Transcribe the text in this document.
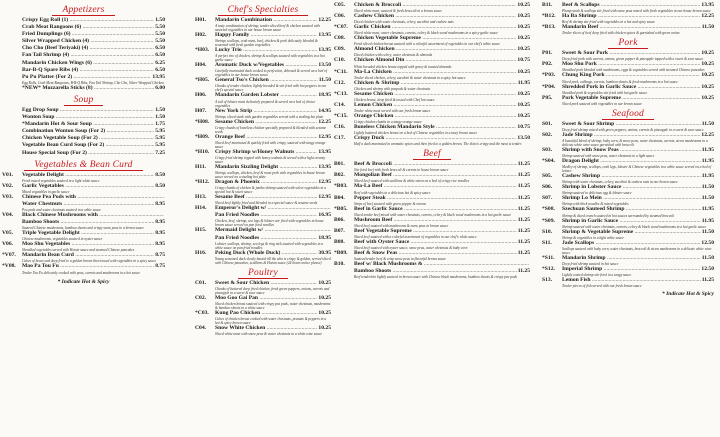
Appetizers
Crispy Egg Roll (1) .....	1.50
Crab Meat Rangoons (6) .....	5.50
Fried Dumplings (6) .....	5.50
Silver Wrapped Chicken (4) .....	5.50
Cho Cho (Beef Teriyaki) (4) .....	6.50
Fan Tail Shrimp (4) .....	6.50
Mandarin Chicken Wings (6) .....	6.25
Bar-B-Q Spare Ribs (4) .....	6.50
Pu Pu Platter (For 2) .....	13.95
Egg Rolls, Crab Meat Rangoons, B-B-Q Ribs, Fan Tail Shrimp, Cho Cho, Silver Wrapped Chicken
*NEW* Mozzarella Sticks (8) .....	6.00
Soup
Egg Drop Soup .....	1.50
Wonton Soup .....	1.50
*Mandarin Hot & Sour Soup .....	1.75
Combination Wonton Soup (For 2) .....	5.95
Chicken Vegetable Soup (For 2) .....	5.95
Vegetable Bean Curd Soup (For 2) .....	5.95
House Special Soup (For 2) .....	7.25
Vegetables & Bean Curd
V01.	Vegetable Delight .....	8.50
Fresh mixed vegetables sauteed in a light white sauce
V02.	Garlic Vegetables .....	8.50
Mixed vegetables in garlic sauce
V03.	Chinese Pea Pods with .....
Water Chestnuts .....	8.95
Pea pods and water chestnuts sauteed in a white sauce
V04.	Black Chinese Mushrooms with .....
Bamboo Shoots .....	8.95
Sauteed Chinese mushrooms, bamboo shoots and crispy snow peas in a brown sauce
V05.	Triple Vegetable Delight .....	8.95
Chinese mushrooms, vegetables sauteed in oyster sauce
V06.	Moo Shu Vegetables .....	8.95
Shredded vegetables served with Hoisin sauce and steamed Chinese pancakes
*V07.	Mandarin Bean Curd .....	8.75
Cubes of bean curd deep fried to a golden brown then tossed with vegetables in a spicy sauce
*V08.	Mao Pa Tou Fu .....	8.75
Tender Tou Fu delicately cooked with peas, carrots and mushrooms in a hot sauce
* Indicate Hot & Spicy
Chef's Specialties
H01.	Mandarin Combination .....	12.25
A tasty combination of shrimp, tender sliced beef & chicken sauteed with assorted vegetables in our house brown sauce
H02.	Happy Family .....	13.95
Shrimp, scallops, crab meat, beef, chicken & pork delicately blended & seasoned with fresh garden vegetables
*H03.	Lucky Trio .....	13.95
A perfect trio of chicken, shrimp & scallops sauteed with vegetables in a hot garlic sauce
H04.	Aromatic Duck w/Vegetables .....	13.50
Carefully marinated duck cooked to perfection, deboned & served on a bed of vegetables in our house brown sauce
*H05.	General Tso's Chicken .....	11.50
Chunks of tender chicken, lightly breaded & stir fried with hot peppers in our chef's special sauce
H06.	Mandarin Garden Lobster .....	18.95
A tail of lobster meat delicately prepared & served on a bed of choice vegetables
H07.	New York Strip .....	14.95
Shrimp, sliced steak with garden vegetables served with a sizzling hot plate
*H08.	Sesame Chicken .....	12.25
Crispy chunks of boneless chicken specially prepared & blended with sesame seeds
*H09.	Orange Beef .....	12.95
Sliced beef marinated & quickly fried with crispy, sauteed with tangy orange sauce
*H10.	Crispy Shrimp w/Honey Walnuts .....	13.95
Crispy fried shrimp topped with honey walnuts & served with a light creamy sauce
H11.	Mandarin Sizzling Delight .....	13.95
Shrimp, scallops, chicken, beef & roast pork with vegetables in house brown sauce served on a sizzling hot plate
*H12.	Dragon & Phoenix .....	12.95
Crispy chunks of chicken & jumbo shrimp sauteed with select vegetables in a special hot & sweet sauce
H13.	Sesame Beef .....	12.95
Sliced beef lightly fried and blended in a special sauce & sesame seeds
H14.	Emperor's Delight w/ .....
Pan Fried Noodles .....	16.95
Chicken, beef, shrimp, sea legs & lobster stir fried with vegetables in house brown sauce served on pan fried noodles
H15.	Mermaid Delight w/ .....
Pan Fried Noodles .....	18.95
Lobster, scallops, shrimp, sea legs & ring nick sauteed with vegetables in a white sauce on pan fried noodles
H16.	Peking Duck (Whole Duck) .....	30.95
Young seasoned duck slowly basted till the skin is crispy & golden, served sliced with Chinese pancakes, scallions & Hoisin sauce (24 hours notice please)
Poultry
C01.	Sweet & Sour Chicken .....	10.25
Chunks of battered deep fried chicken, fresh green peppers, onions, carrots and pineapple in a sweet & sour sauce
C02.	Moo Goo Gai Pan .....	10.25
Sliced chicken breast sauteed with crispy pea pods, water chestnuts, mushrooms & bamboo shoots in a white sauce
*C03.	Kung Pao Chicken .....	10.25
Cubes of chicken breast cooked with water chestnuts, peanuts & peppers in a hot & spicy brown sauce
C04.	Snow White Chicken .....	10.25
Sliced white meat with snow peas & water chestnuts in a white wine sauce
C05.	Chicken & Broccoli .....	10.25
Sliced white meat, sauteed & fresh broccoli in a brown sauce
C06.	Cashew Chicken .....	10.25
Diced chicken with water chestnuts, celery, zucchini and cashew nuts
*C07.	Garlic Chicken .....	10.25
Sliced white meat, water chestnuts, carrots, celery & black wood mushrooms in a spicy garlic sauce
C08.	Chicken Vegetable Supreme .....	10.25
Fresh sliced chicken breast sauteed with a colorful assortment of vegetables in our chef's white sauce
C09.	Almond Chicken .....	10.25
Diced chicken with celery, water chestnuts & almonds
C10.	Chicken Almond Din .....	10.75
White breaded chicken breast topped with gravy & toasted almonds
*C11.	Ma-La Chicken .....	10.25
Tender sliced chicken, celery, zucchini & water chestnuts in a spicy hot sauce
C12.	Chicken & Shrimp .....	11.95
Chicken and shrimp with peapods & water chestnuts
*C13.	Sesame Chicken .....	10.25
Chicken breast, deep fried & tossed with Chef hot sauce
C14.	Lemon Chicken .....	10.25
Tender white meat served with our fresh lemon sauce
*C15.	Orange Chicken .....	10.25
Crispy chicken chunks in a tangy orange sauce
C16.	Boneless Chicken Mandarin Style .....	10.75
Lightly battered chicken breast on a bed of Chinese vegetables in a tasty brown sauce
C17.	Crispy Duck .....	13.50
Half a duck marinated in aromatic spices and then fried to a golden brown. The skin is crispy and the meat is tender.
Beef
B01.	Beef & Broccoli .....	11.25
Stir fried beef with fresh broccoli & carrots in house brown sauce
B02.	Mongolian Beef .....	11.25
Sliced beef sauteed with scallions & white onion on a bed of crispy rice noodles
*B03.	Ma-La Beef .....	11.25
Beef with vegetables in a delicious hot & spicy sauce
B04.	Pepper Steak .....	11.25
Strips of beef sauteed with green pepper & onions
*B05.	Beef in Garlic Sauce .....	11.25
Sliced tender beef mixed with water chestnuts, carrots, celery & black wood mushrooms in a hot garlic sauce
B06.	Mushroom Beef .....	11.25
Sliced beef sauteed with mushrooms & snow peas in brown sauce
B07.	Beef Vegetable Supreme .....	11.25
Sliced beef sauteed with a colorful assortment of vegetables in our chef's white sauce
B08.	Beef with Oyster Sauce .....	11.25
Sliced beef sauteed with oyster sauce, snow peas, water chestnuts & baby corn
*B09.	Beef & Snow Peas .....	11.25
Sauteed tender beef & crisp snow peas in flavorful brown sauce
B10.	Beef w/ Black Mushrooms & .....
Bamboo Shoots .....	11.25
Beef tenderloin lightly sauteed in brown sauce with Chinese black mushrooms, bamboo shoots & crispy pea pods
B11.	Beef & Scallops .....	13.95
Plump steak & scallops stir fried with snow peas mixed with fresh vegetables in our house brown sauce
*B12.	Ha Ba Shrimp .....	12.25
Beef & shrimp stir fried with vegetables in a hot and spicy sauce
*B13.	Mandarin Beef .....	11.50
Tender slices of beef deep fried with chicken spices & garnished with green onion
Pork
P01.	Sweet & Sour Pork .....	10.25
Deep fried pork with carrots, onions, green pepper & pineapple topped with a sweet & sour sauce
P02.	Moo Shu Pork .....	10.25
Shredded pork blended with mushrooms, eggs & vegetables served with steamed Chinese pancakes
*P03.	Chung King Pork .....	10.25
Sliced pork, cabbage, carrots, bamboo shoots & fresh mushrooms in a hot sauce
*P04.	Shredded Pork in Garlic Sauce .....	10.25
Shredded pork & vegetables stir fried with hot garlic sauce
P05.	Pork Vegetable Supreme .....	10.25
Sliced pork sauteed with vegetables in our brown sauce
Seafood
S01.	Sweet & Sour Shrimp .....	11.50
Deep fried shrimp mixed with green peppers, onions, carrots & pineapple in a sweet & sour sauce
S02.	Jade Shrimp .....	12.25
A beautiful blend of shrimp, baby corn, & snow peas, water chestnuts, carrots, straw mushrooms in a delicate white wine sauce garnished with broccoli
S03.	Shrimp with Snow Peas .....	11.95
Shrimp sauteed with snow peas, water chestnuts in a light sauce
*S04.	Dragon Delight .....	11.95
Medley of shrimp, scallops, crab legs, lobster & Chinese vegetables in a white sauce served on a bed of lettuce
S05.	Cashew Shrimp .....	11.95
Shrimp with water chestnuts, celery, zucchini & cashew nuts in our brown sauce
S06.	Shrimp in Lobster Sauce .....	11.50
Shrimp sauteed in delicious egg & lobster sauce
S07.	Shrimp Lo Mein .....	11.50
Shrimp with thick noodles & mixed vegetables
*S08.	Szechuan Sauteed Shrimp .....	11.95
Shrimp & diced crunch sauteed in hot sauces surrounded by steamed broccoli
*S09.	Shrimp in Garlic Sauce .....	11.95
Shrimp sauteed with water chestnuts, carrots, celery & black wood mushrooms in a hot garlic sauce
S10.	Shrimp & Vegetable Supreme .....	11.50
Shrimp & vegetables in a light white sauce
S11.	Jade Scallops .....	12.50
Scallops sauteed with baby corn, water chestnuts, broccoli & straw mushrooms in a delicate white wine sauce
*S11.	Mandarin Shrimp .....	11.50
Deep fried shrimp sauteed in hot sauce
*S12.	Imperial Shrimp .....	12.50
Lightly coated shrimp stir fried in a tangy sauce
S13.	Lemon Fish .....	11.25
Tender pieces of fish served with our fresh lemon sauce
* Indicate Hot & Spicy
